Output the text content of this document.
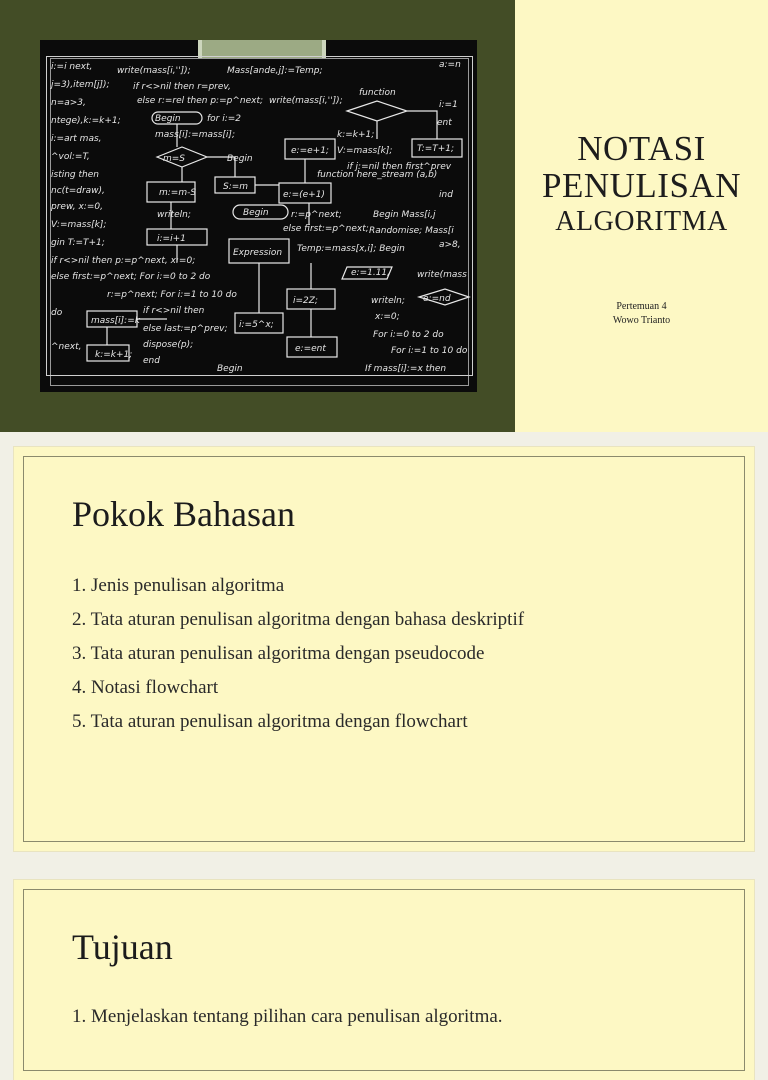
i:=i next,	write(mass[i,'']);	Mass[ande,j]:=Temp;
j=3),item[j]);	if r<>nil then r=prev,
function
n=a>3,	else r:=rel then p:=p^next; write(mass[i,'']);
ntege),k:=k+1;	Begin	for i:=2	ent
i:=art mas,	mass[i]:=mass[i];	k:=k+1;
^vol:=T,	Begin
e:=e+1; V:=mass[k];	T:=T+1;
isting then
m=S
if j:=nil then first^prev
nc(t=draw),	m:=m-S
S:=m
e:=(e+1)
prew, x:=0,
function here_stream (a,b)
V:=mass[k];
writeln;	Begin r:=p^next;	Begin Mass[i,j
gin T:=T+1;	i:=i+1
else first:=p^next; Randomise; Mass[i
if r<>nil then p:=p^next, x:=0;
Expression Temp:=mass[x,i]; Begin
else first:=p^next; For i:=0 to 2 do	e:=1.11,	write(mass
r:=p^next; For i:=1 to 10 do
i=2Z;	writeln; e:=nd
do
mass[i]:=k
if r<>nil then
x:=0;
else last:=p^prev; i:=5^x;
For i:=0 to 2 do
^next,
k:=k+1;
dispose(p);	e:=ent	For i:=1 to 10 do
end
Begin	If mass[i]:=x then
a:=n
i:=1
ind
a>8,
NOTASI
PENULISAN
ALGORITMA
Pertemuan 4
Wowo Trianto
Pokok Bahasan
1. Jenis penulisan algoritma
2. Tata aturan penulisan algoritma dengan bahasa deskriptif
3. Tata aturan penulisan algoritma dengan pseudocode
4. Notasi flowchart
5. Tata aturan penulisan algoritma dengan flowchart
Tujuan
1. Menjelaskan tentang pilihan cara penulisan algoritma.
